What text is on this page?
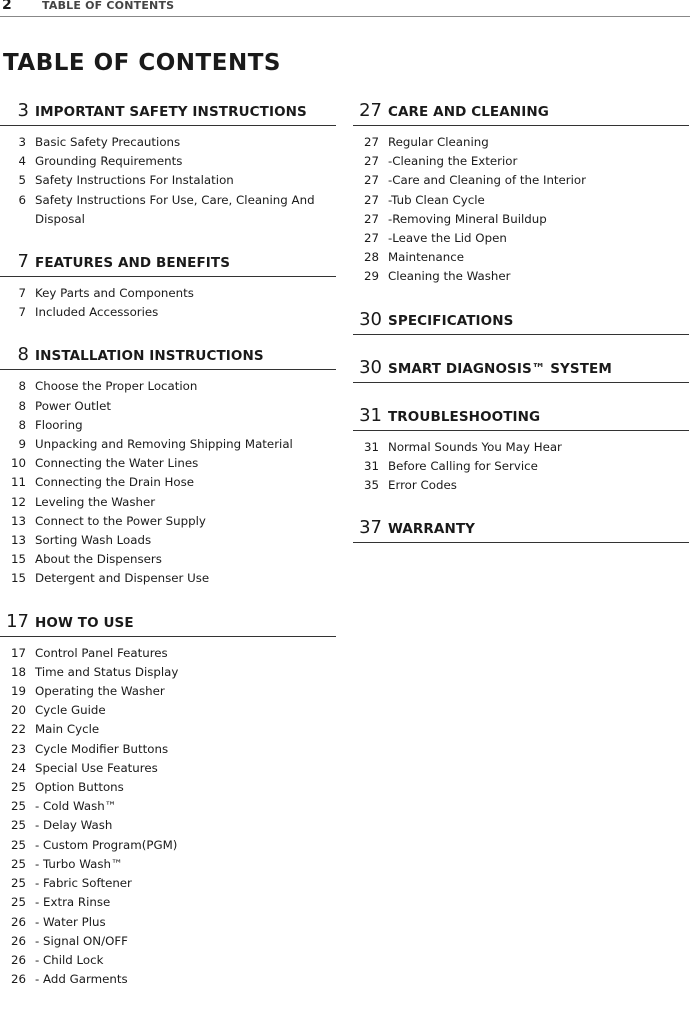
2	TABLE OF CONTENTS
TABLE OF CONTENTS
3 IMPORTANT SAFETY INSTRUCTIONS
3 Basic Safety Precautions
4 Grounding Requirements
5 Safety Instructions For Instalation
6 Safety Instructions For Use, Care, Cleaning And
Disposal
7 FEATURES AND BENEFITS
7 Key Parts and Components
7 Included Accessories
8 INSTALLATION INSTRUCTIONS
8 Choose the Proper Location
8 Power Outlet
8 Flooring
9 Unpacking and Removing Shipping Material
10 Connecting the Water Lines
11 Connecting the Drain Hose
12 Leveling the Washer
13 Connect to the Power Supply
13 Sorting Wash Loads
15 About the Dispensers
15 Detergent and Dispenser Use
17 HOW TO USE
17 Control Panel Features
18 Time and Status Display
19 Operating the Washer
20 Cycle Guide
22 Main Cycle
23 Cycle Modifier Buttons
24 Special Use Features
25 Option Buttons
25 - Cold Wash™
25 - Delay Wash
25 - Custom Program(PGM)
25 - Turbo Wash™
25 - Fabric Softener
25 - Extra Rinse
26 - Water Plus
26 - Signal ON/OFF
26 - Child Lock
26 - Add Garments
27 CARE AND CLEANING
27 Regular Cleaning
27 -Cleaning the Exterior
27 -Care and Cleaning of the Interior
27 -Tub Clean Cycle
27 -Removing Mineral Buildup
27 -Leave the Lid Open
28 Maintenance
29 Cleaning the Washer
30 SPECIFICATIONS
30 SMART DIAGNOSIS™ SYSTEM
31 TROUBLESHOOTING
31 Normal Sounds You May Hear
31 Before Calling for Service
35 Error Codes
37 WARRANTY
